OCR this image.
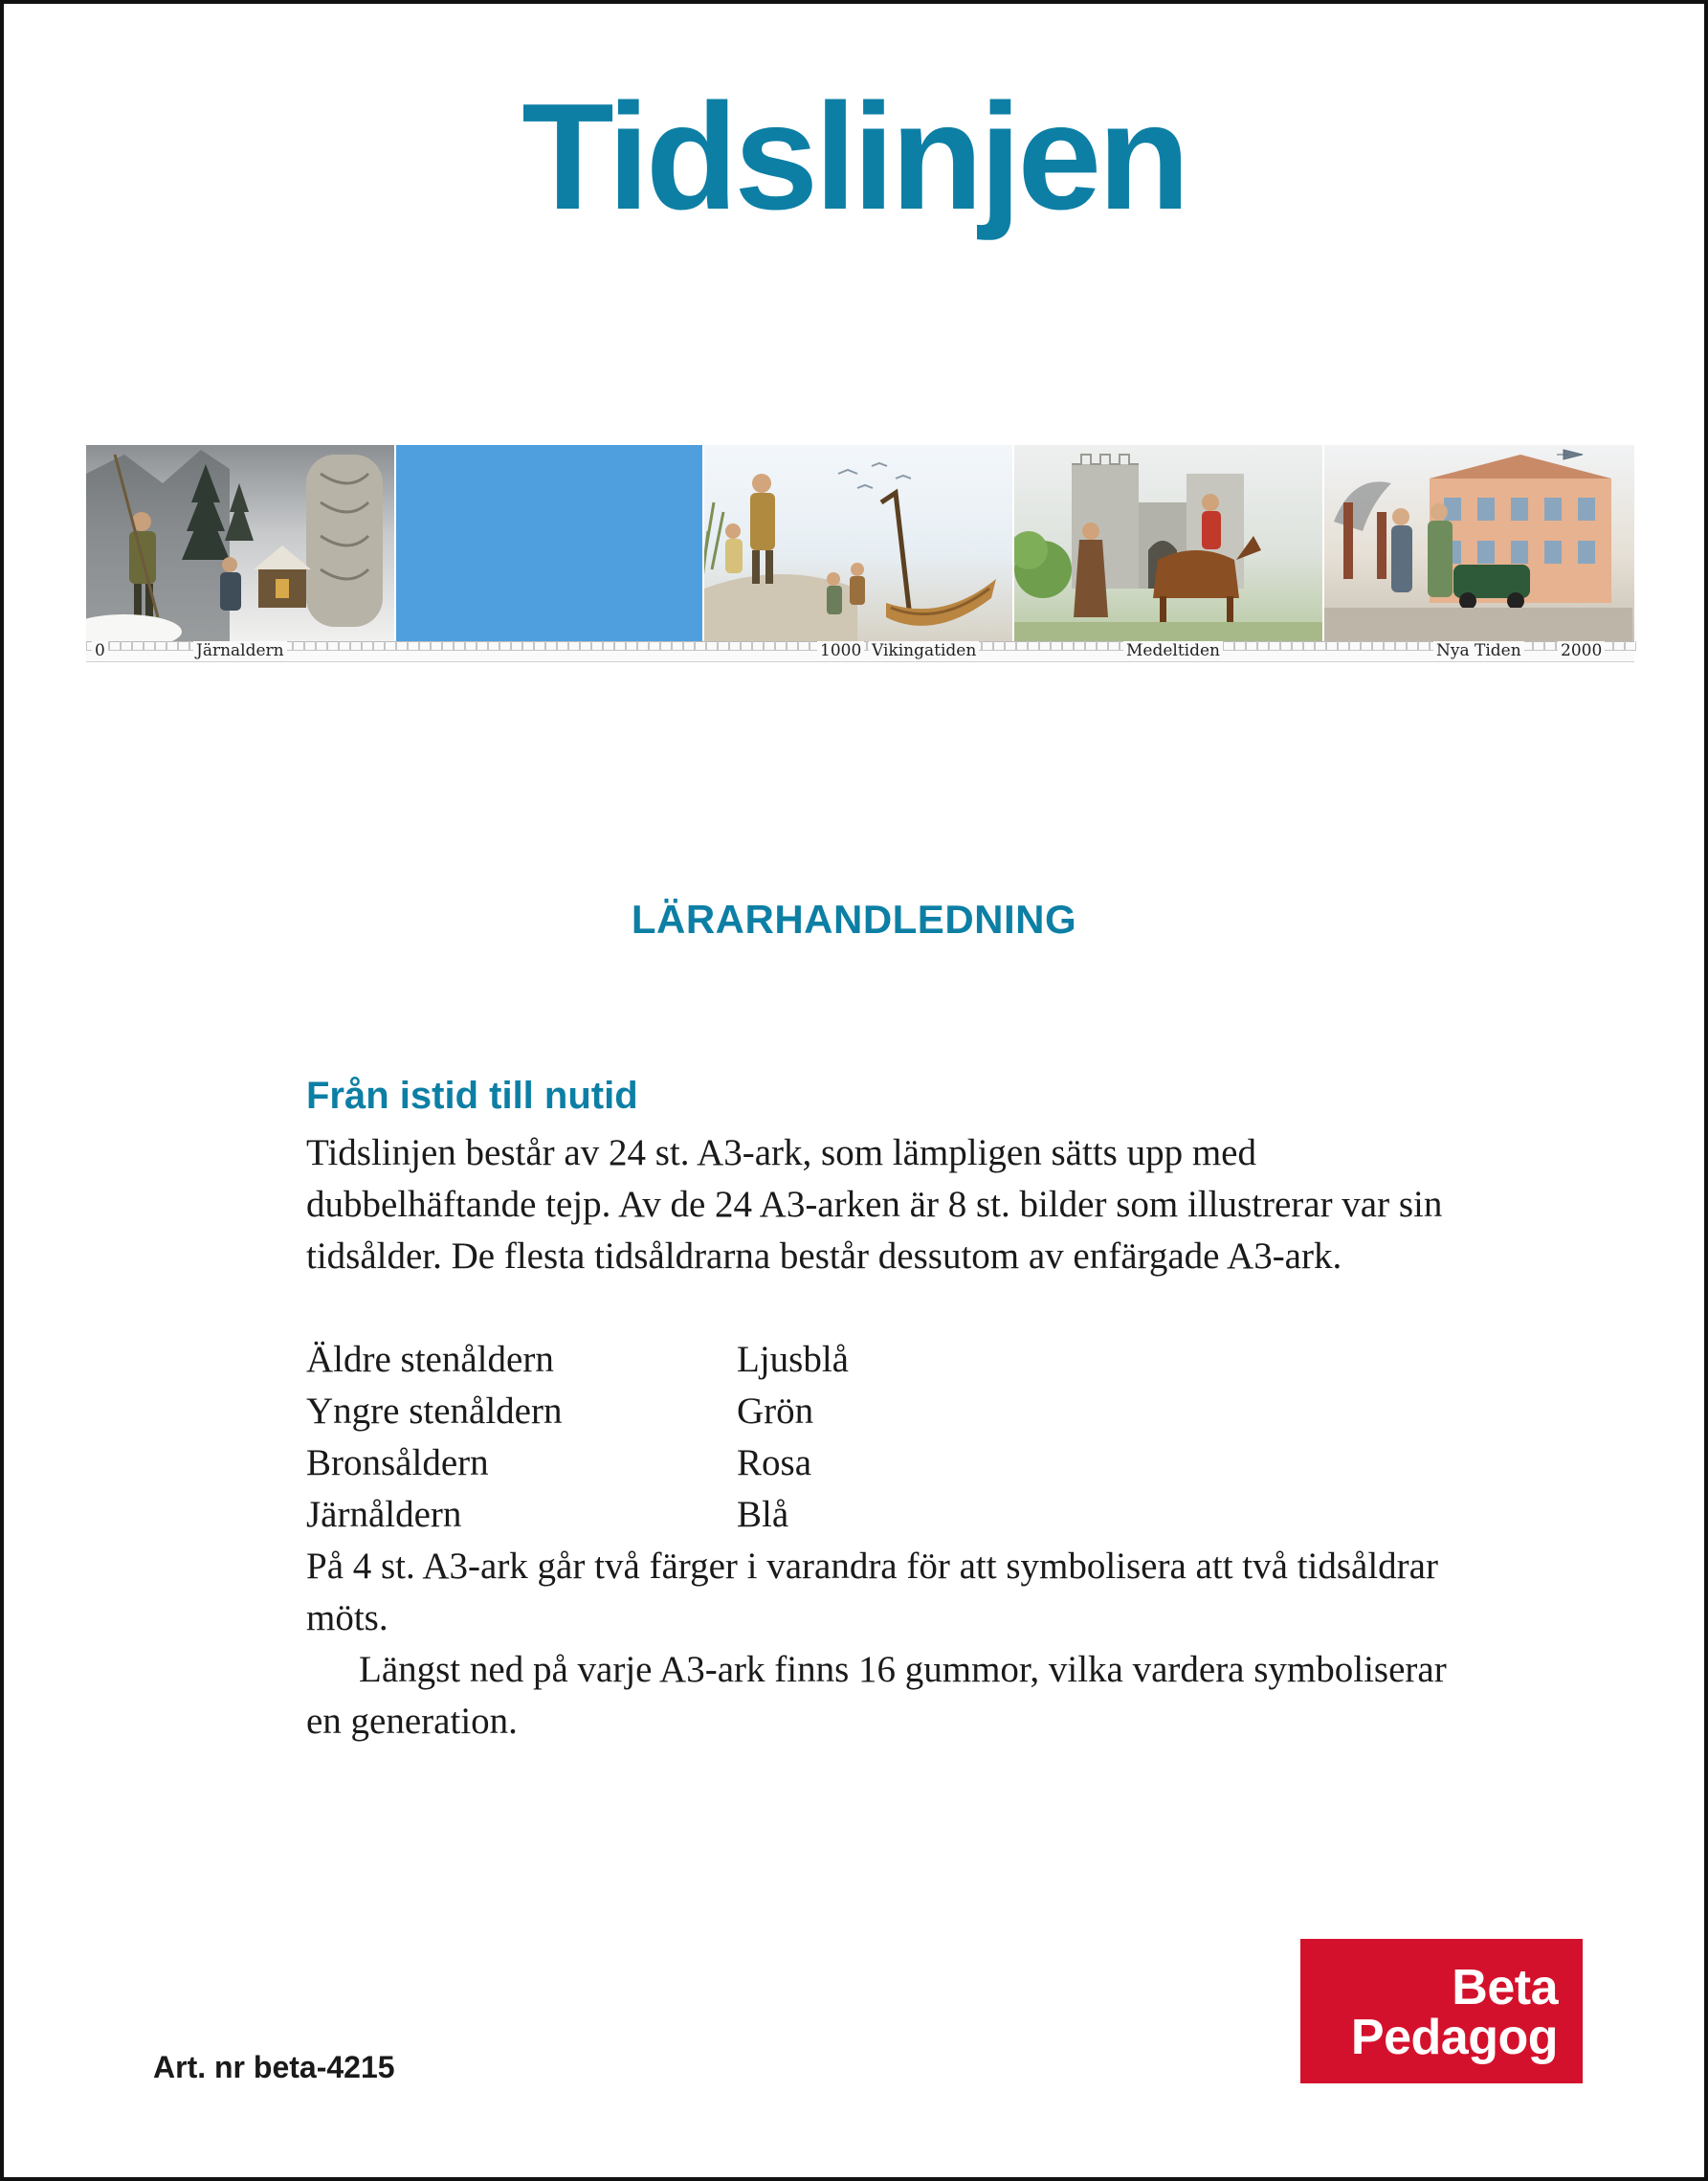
Tidslinjen
0	Järnaldern	1000 Vikingatiden	Medeltiden	Nya Tiden 2000
LÄRARHANDLEDNING
Från istid till nutid

Tidslinjen består av 24 st. A3-ark, som lämpligen sätts upp med dubbelhäftande tejp. Av de 24 A3-arken är 8 st. bilder som illustrerar var sin tidsålder. De flesta tidsåldrarna består dessutom av enfärgade A3-ark.

Äldre stenåldern	Ljusblå
Yngre stenåldern	Grön
Bronsåldern	Rosa
Järnåldern	Blå

På 4 st. A3-ark går två färger i varandra för att symbolisera att två tidsåldrar möts.

Längst ned på varje A3-ark finns 16 gummor, vilka vardera symboliserar en generation.

Art. nr beta-4215
Beta
Pedagog
